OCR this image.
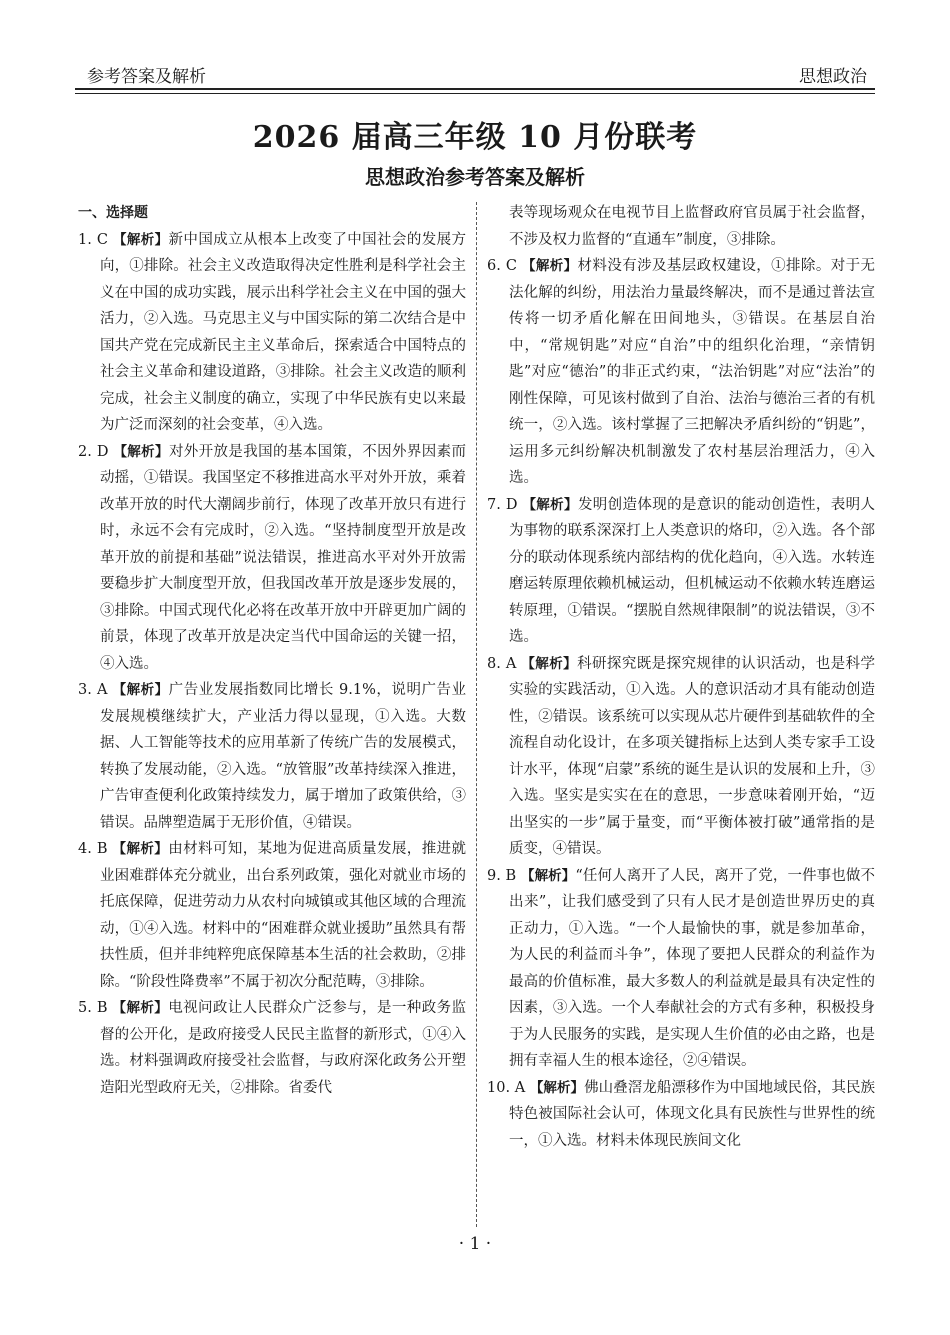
参考答案及解析	思想政治
2026 届高三年级 10 月份联考
思想政治参考答案及解析
一、选择题
1. C 【解析】新中国成立从根本上改变了中国社会的发展方向，①排除。社会主义改造取得决定性胜利是科学社会主义在中国的成功实践，展示出科学社会主义在中国的强大活力，②入选。马克思主义与中国实际的第二次结合是中国共产党在完成新民主主义革命后，探索适合中国特点的社会主义革命和建设道路，③排除。社会主义改造的顺利完成，社会主义制度的确立，实现了中华民族有史以来最为广泛而深刻的社会变革，④入选。
2. D 【解析】对外开放是我国的基本国策，不因外界因素而动摇，①错误。我国坚定不移推进高水平对外开放，乘着改革开放的时代大潮阔步前行，体现了改革开放只有进行时，永远不会有完成时，②入选。“坚持制度型开放是改革开放的前提和基础”说法错误，推进高水平对外开放需要稳步扩大制度型开放，但我国改革开放是逐步发展的，③排除。中国式现代化必将在改革开放中开辟更加广阔的前景，体现了改革开放是决定当代中国命运的关键一招，④入选。
3. A 【解析】广告业发展指数同比增长 9.1%，说明广告业发展规模继续扩大，产业活力得以显现，①入选。大数据、人工智能等技术的应用革新了传统广告的发展模式，转换了发展动能，②入选。“放管服”改革持续深入推进，广告审查便利化政策持续发力，属于增加了政策供给，③错误。品牌塑造属于无形价值，④错误。
4. B 【解析】由材料可知，某地为促进高质量发展，推进就业困难群体充分就业，出台系列政策，强化对就业市场的托底保障，促进劳动力从农村向城镇或其他区域的合理流动，①④入选。材料中的“困难群众就业援助”虽然具有帮扶性质，但并非纯粹兜底保障基本生活的社会救助，②排除。“阶段性降费率”不属于初次分配范畴，③排除。
5. B 【解析】电视问政让人民群众广泛参与，是一种政务监督的公开化，是政府接受人民民主监督的新形式，①④入选。材料强调政府接受社会监督，与政府深化政务公开塑造阳光型政府无关，②排除。省委代
表等现场观众在电视节目上监督政府官员属于社会监督，不涉及权力监督的“直通车”制度，③排除。
6. C 【解析】材料没有涉及基层政权建设，①排除。对于无法化解的纠纷，用法治力量最终解决，而不是通过普法宣传将一切矛盾化解在田间地头，③错误。在基层自治中，“常规钥匙”对应“自治”中的组织化治理，“亲情钥匙”对应“德治”的非正式约束，“法治钥匙”对应“法治”的刚性保障，可见该村做到了自治、法治与德治三者的有机统一，②入选。该村掌握了三把解决矛盾纠纷的“钥匙”，运用多元纠纷解决机制激发了农村基层治理活力，④入选。
7. D 【解析】发明创造体现的是意识的能动创造性，表明人为事物的联系深深打上人类意识的烙印，②入选。各个部分的联动体现系统内部结构的优化趋向，④入选。水转连磨运转原理依赖机械运动，但机械运动不依赖水转连磨运转原理，①错误。“摆脱自然规律限制”的说法错误，③不选。
8. A 【解析】科研探究既是探究规律的认识活动，也是科学实验的实践活动，①入选。人的意识活动才具有能动创造性，②错误。该系统可以实现从芯片硬件到基础软件的全流程自动化设计，在多项关键指标上达到人类专家手工设计水平，体现“启蒙”系统的诞生是认识的发展和上升，③入选。坚实是实实在在的意思，一步意味着刚开始，“迈出坚实的一步”属于量变，而“平衡体被打破”通常指的是质变，④错误。
9. B 【解析】“任何人离开了人民，离开了党，一件事也做不出来”，让我们感受到了只有人民才是创造世界历史的真正动力，①入选。“一个人最愉快的事，就是参加革命，为人民的利益而斗争”，体现了要把人民群众的利益作为最高的价值标准，最大多数人的利益就是最具有决定性的因素，③入选。一个人奉献社会的方式有多种，积极投身于为人民服务的实践，是实现人生价值的必由之路，也是拥有幸福人生的根本途径，②④错误。
10. A 【解析】佛山叠滘龙船漂移作为中国地域民俗，其民族特色被国际社会认可，体现文化具有民族性与世界性的统一，①入选。材料未体现民族间文化
· 1 ·
